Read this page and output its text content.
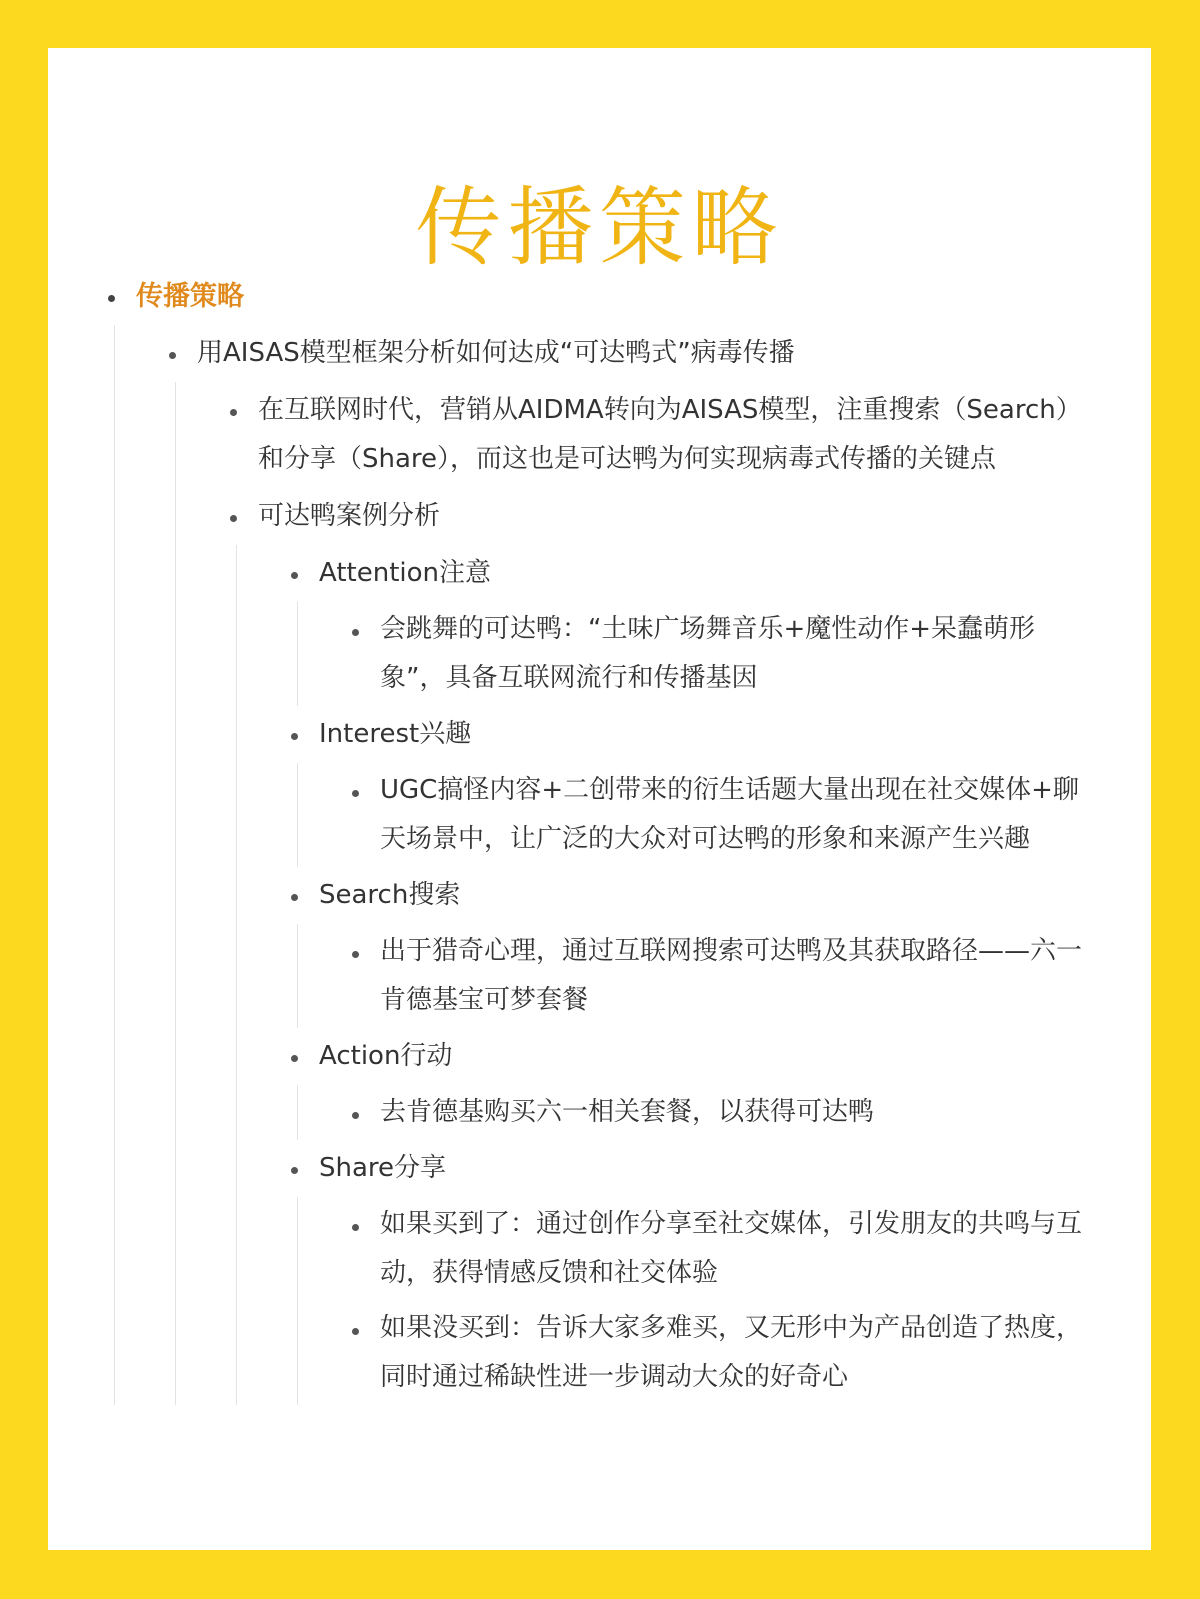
传播策略
传播策略
用AISAS模型框架分析如何达成“可达鸭式”病毒传播
在互联网时代，营销从AIDMA转向为AISAS模型，注重搜索（Search）和分享（Share），而这也是可达鸭为何实现病毒式传播的关键点
可达鸭案例分析
Attention注意
会跳舞的可达鸭：“土味广场舞音乐+魔性动作+呆蠢萌形象”，具备互联网流行和传播基因
Interest兴趣
UGC搞怪内容+二创带来的衍生话题大量出现在社交媒体+聊天场景中，让广泛的大众对可达鸭的形象和来源产生兴趣
Search搜索
出于猎奇心理，通过互联网搜索可达鸭及其获取路径——六一肯德基宝可梦套餐
Action行动
去肯德基购买六一相关套餐，以获得可达鸭
Share分享
如果买到了：通过创作分享至社交媒体，引发朋友的共鸣与互动，获得情感反馈和社交体验
如果没买到：告诉大家多难买，又无形中为产品创造了热度，同时通过稀缺性进一步调动大众的好奇心
